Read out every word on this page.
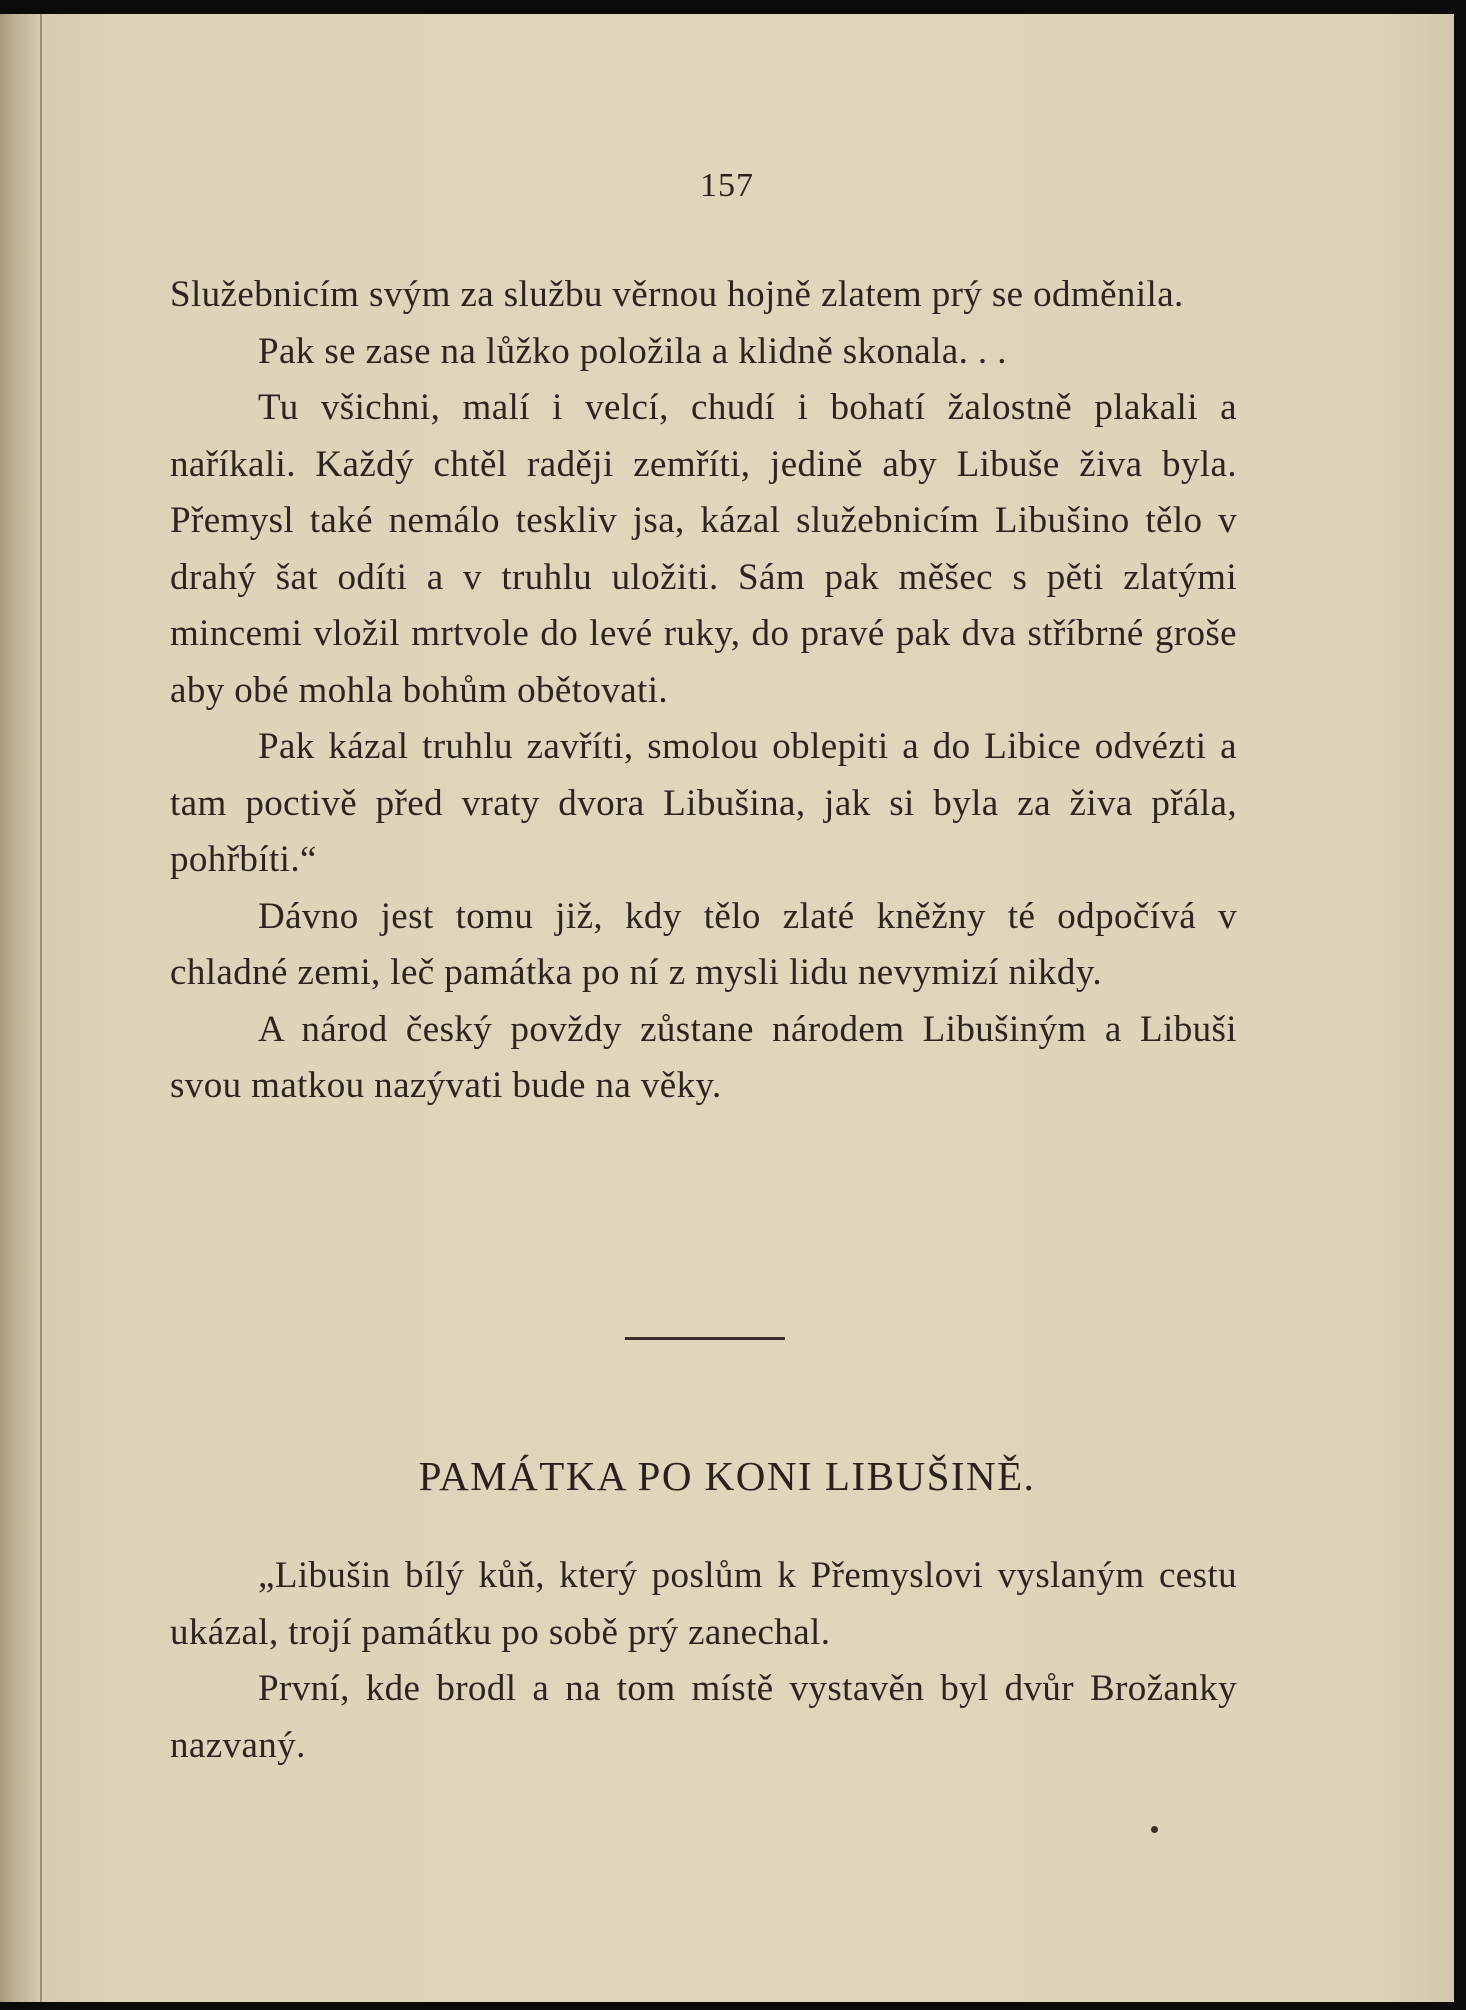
157

Služebnicím svým za službu věrnou hojně zlatem prý se odměnila.

Pak se zase na lůžko položila a klidně skonala. . .

Tu všichni, malí i velcí, chudí i bohatí žalostně plakali a naříkali. Každý chtěl raději zemříti, jedině aby Libuše živa byla. Přemysl také nemálo teskliv jsa, kázal služebnicím Libušino tělo v drahý šat odíti a v truhlu uložiti. Sám pak měšec s pěti zlatými mincemi vložil mrtvole do levé ruky, do pravé pak dva stříbrné groše aby obé mohla bohům obětovati.

Pak kázal truhlu zavříti, smolou oblepiti a do Libice odvézti a tam poctivě před vraty dvora Libušina, jak si byla za živa přála, pohřbíti.“

Dávno jest tomu již, kdy tělo zlaté kněžny té odpočívá v chladné zemi, leč památka po ní z mysli lidu nevymizí nikdy.

A národ český povždy zůstane národem Libušiným a Libuši svou matkou nazývati bude na věky.

PAMÁTKA PO KONI LIBUŠINĚ.

„Libušin bílý kůň, který poslům k Přemyslovi vyslaným cestu ukázal, trojí památku po sobě prý zanechal.

První, kde brodl a na tom místě vystavěn byl dvůr Brožanky nazvaný.
